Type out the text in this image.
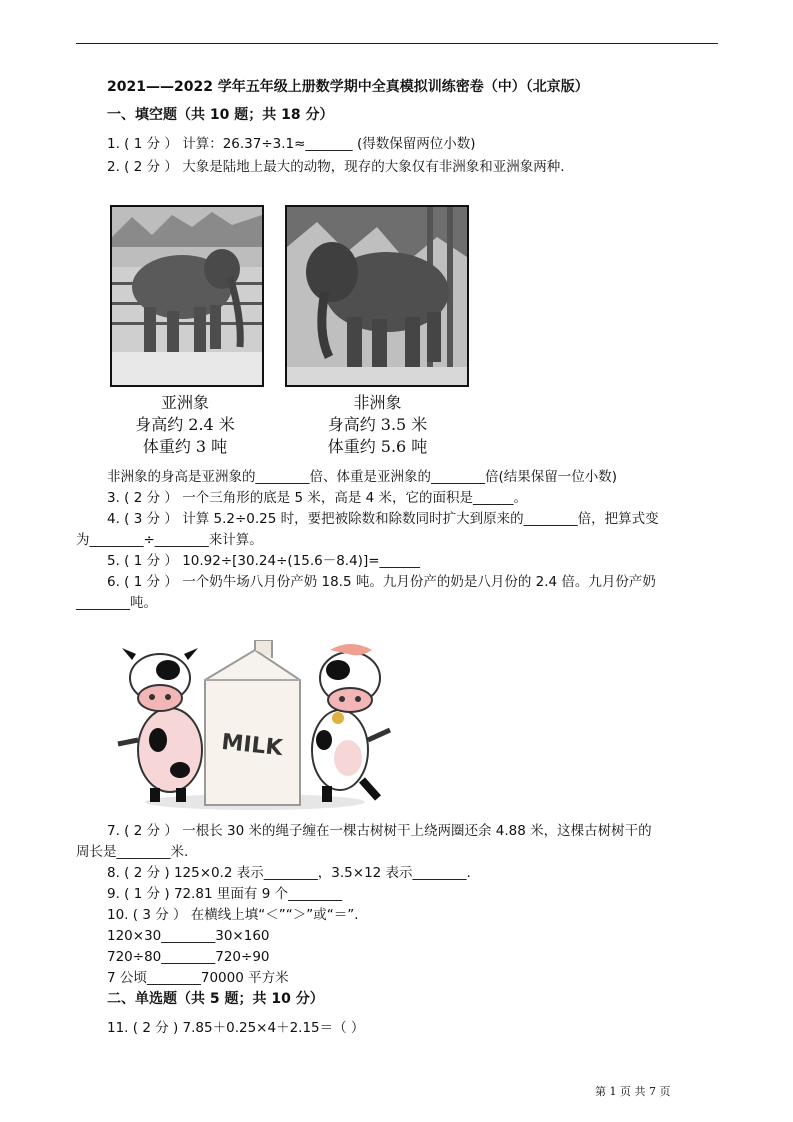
2021——2022 学年五年级上册数学期中全真模拟训练密卷（中）（北京版）
一、填空题（共 10 题；共 18 分）
1. ( 1 分 ） 计算：26.37÷3.1≈_______ (得数保留两位小数)
2. ( 2 分 ） 大象是陆地上最大的动物，现存的大象仅有非洲象和亚洲象两种.
亚洲象
身高约 2.4 米
体重约 3 吨
非洲象
身高约 3.5 米
体重约 5.6 吨
非洲象的身高是亚洲象的________倍、体重是亚洲象的________倍(结果保留一位小数)
3. ( 2 分 ） 一个三角形的底是 5 米，高是 4 米，它的面积是______。
4. ( 3 分 ） 计算 5.2÷0.25 时，要把被除数和除数同时扩大到原来的________倍，把算式变
为________÷________来计算。
5. ( 1 分 ） 10.92÷[30.24÷(15.6－8.4)]=______
6. ( 1 分 ） 一个奶牛场八月份产奶 18.5 吨。九月份产的奶是八月份的 2.4 倍。九月份产奶
________吨。
MILK
7. ( 2 分 ） 一根长 30 米的绳子缠在一棵古树树干上绕两圈还余 4.88 米，这棵古树树干的
周长是________米.
8. ( 2 分 ) 125×0.2 表示________，3.5×12 表示________.
9. ( 1 分 ) 72.81 里面有 9 个________
10. ( 3 分 ） 在横线上填“＜”“＞”或“＝”.
120×30________30×160
720÷80________720÷90
7 公顷________70000 平方米
二、单选题（共 5 题；共 10 分）
11. ( 2 分 ) 7.85＋0.25×4＋2.15＝（ ）
第 1 页 共 7 页
